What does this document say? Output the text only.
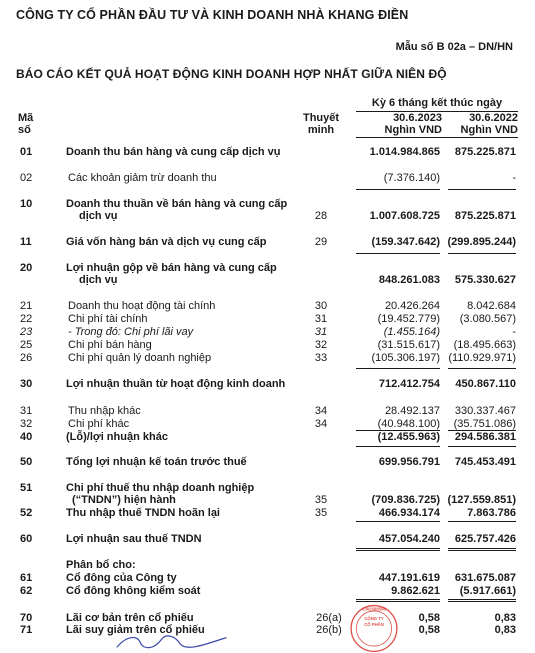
CÔNG TY CỔ PHẦN ĐẦU TƯ VÀ KINH DOANH NHÀ KHANG ĐIỀN
Mẫu số B 02a – DN/HN
BÁO CÁO KẾT QUẢ HOẠT ĐỘNG KINH DOANH HỢP NHẤT GIỮA NIÊN ĐỘ
Kỳ 6 tháng kết thúc ngày
Mã
số
Thuyết
minh
30.6.2023
Nghìn VND
30.6.2022
Nghìn VND
01	Doanh thu bán hàng và cung cấp dịch vụ	1.014.984.865	875.225.871
02	Các khoản giảm trừ doanh thu	(7.376.140)	-
10	Doanh thu thuần về bán hàng và cung cấp
dịch vụ	28	1.007.608.725	875.225.871
11	Giá vốn hàng bán và dịch vụ cung cấp	29	(159.347.642) (299.895.244)
20	Lợi nhuận gộp về bán hàng và cung cấp
dịch vụ	848.261.083	575.330.627
21	Doanh thu hoạt động tài chính	30	20.426.264	8.042.684
22	Chi phí tài chính	31	(19.452.779)	(3.080.567)
23	- Trong đó: Chi phí lãi vay	31	(1.455.164)	-
25	Chi phí bán hàng	32	(31.515.617)	(18.495.663)
26	Chi phí quản lý doanh nghiệp	33	(105.306.197) (110.929.971)
30	Lợi nhuận thuần từ hoạt động kinh doanh	712.412.754	450.867.110
31	Thu nhập khác	34	28.492.137	330.337.467
32	Chi phí khác	34	(40.948.100)	(35.751.086)
40	(Lỗ)/lợi nhuận khác	(12.455.963)	294.586.381
50	Tổng lợi nhuận kế toán trước thuế	699.956.791	745.453.491
51	Chi phí thuế thu nhập doanh nghiệp
(“TNDN”) hiện hành	35	(709.836.725) (127.559.851)
52	Thu nhập thuế TNDN hoãn lại	35	466.934.174	7.863.786
60	Lợi nhuận sau thuế TNDN	457.054.240	625.757.426
Phân bổ cho:
61	Cổ đông của Công ty	447.191.619	631.675.087
62	Cổ đông không kiểm soát	9.862.621	(5.917.661)
70	Lãi cơ bản trên cổ phiếu	26(a)	0,58	0,83
71	Lãi suy giảm trên cổ phiếu	26(b)	0,58	0,83
0302588596
CÔNG TY
CỔ PHẦN
